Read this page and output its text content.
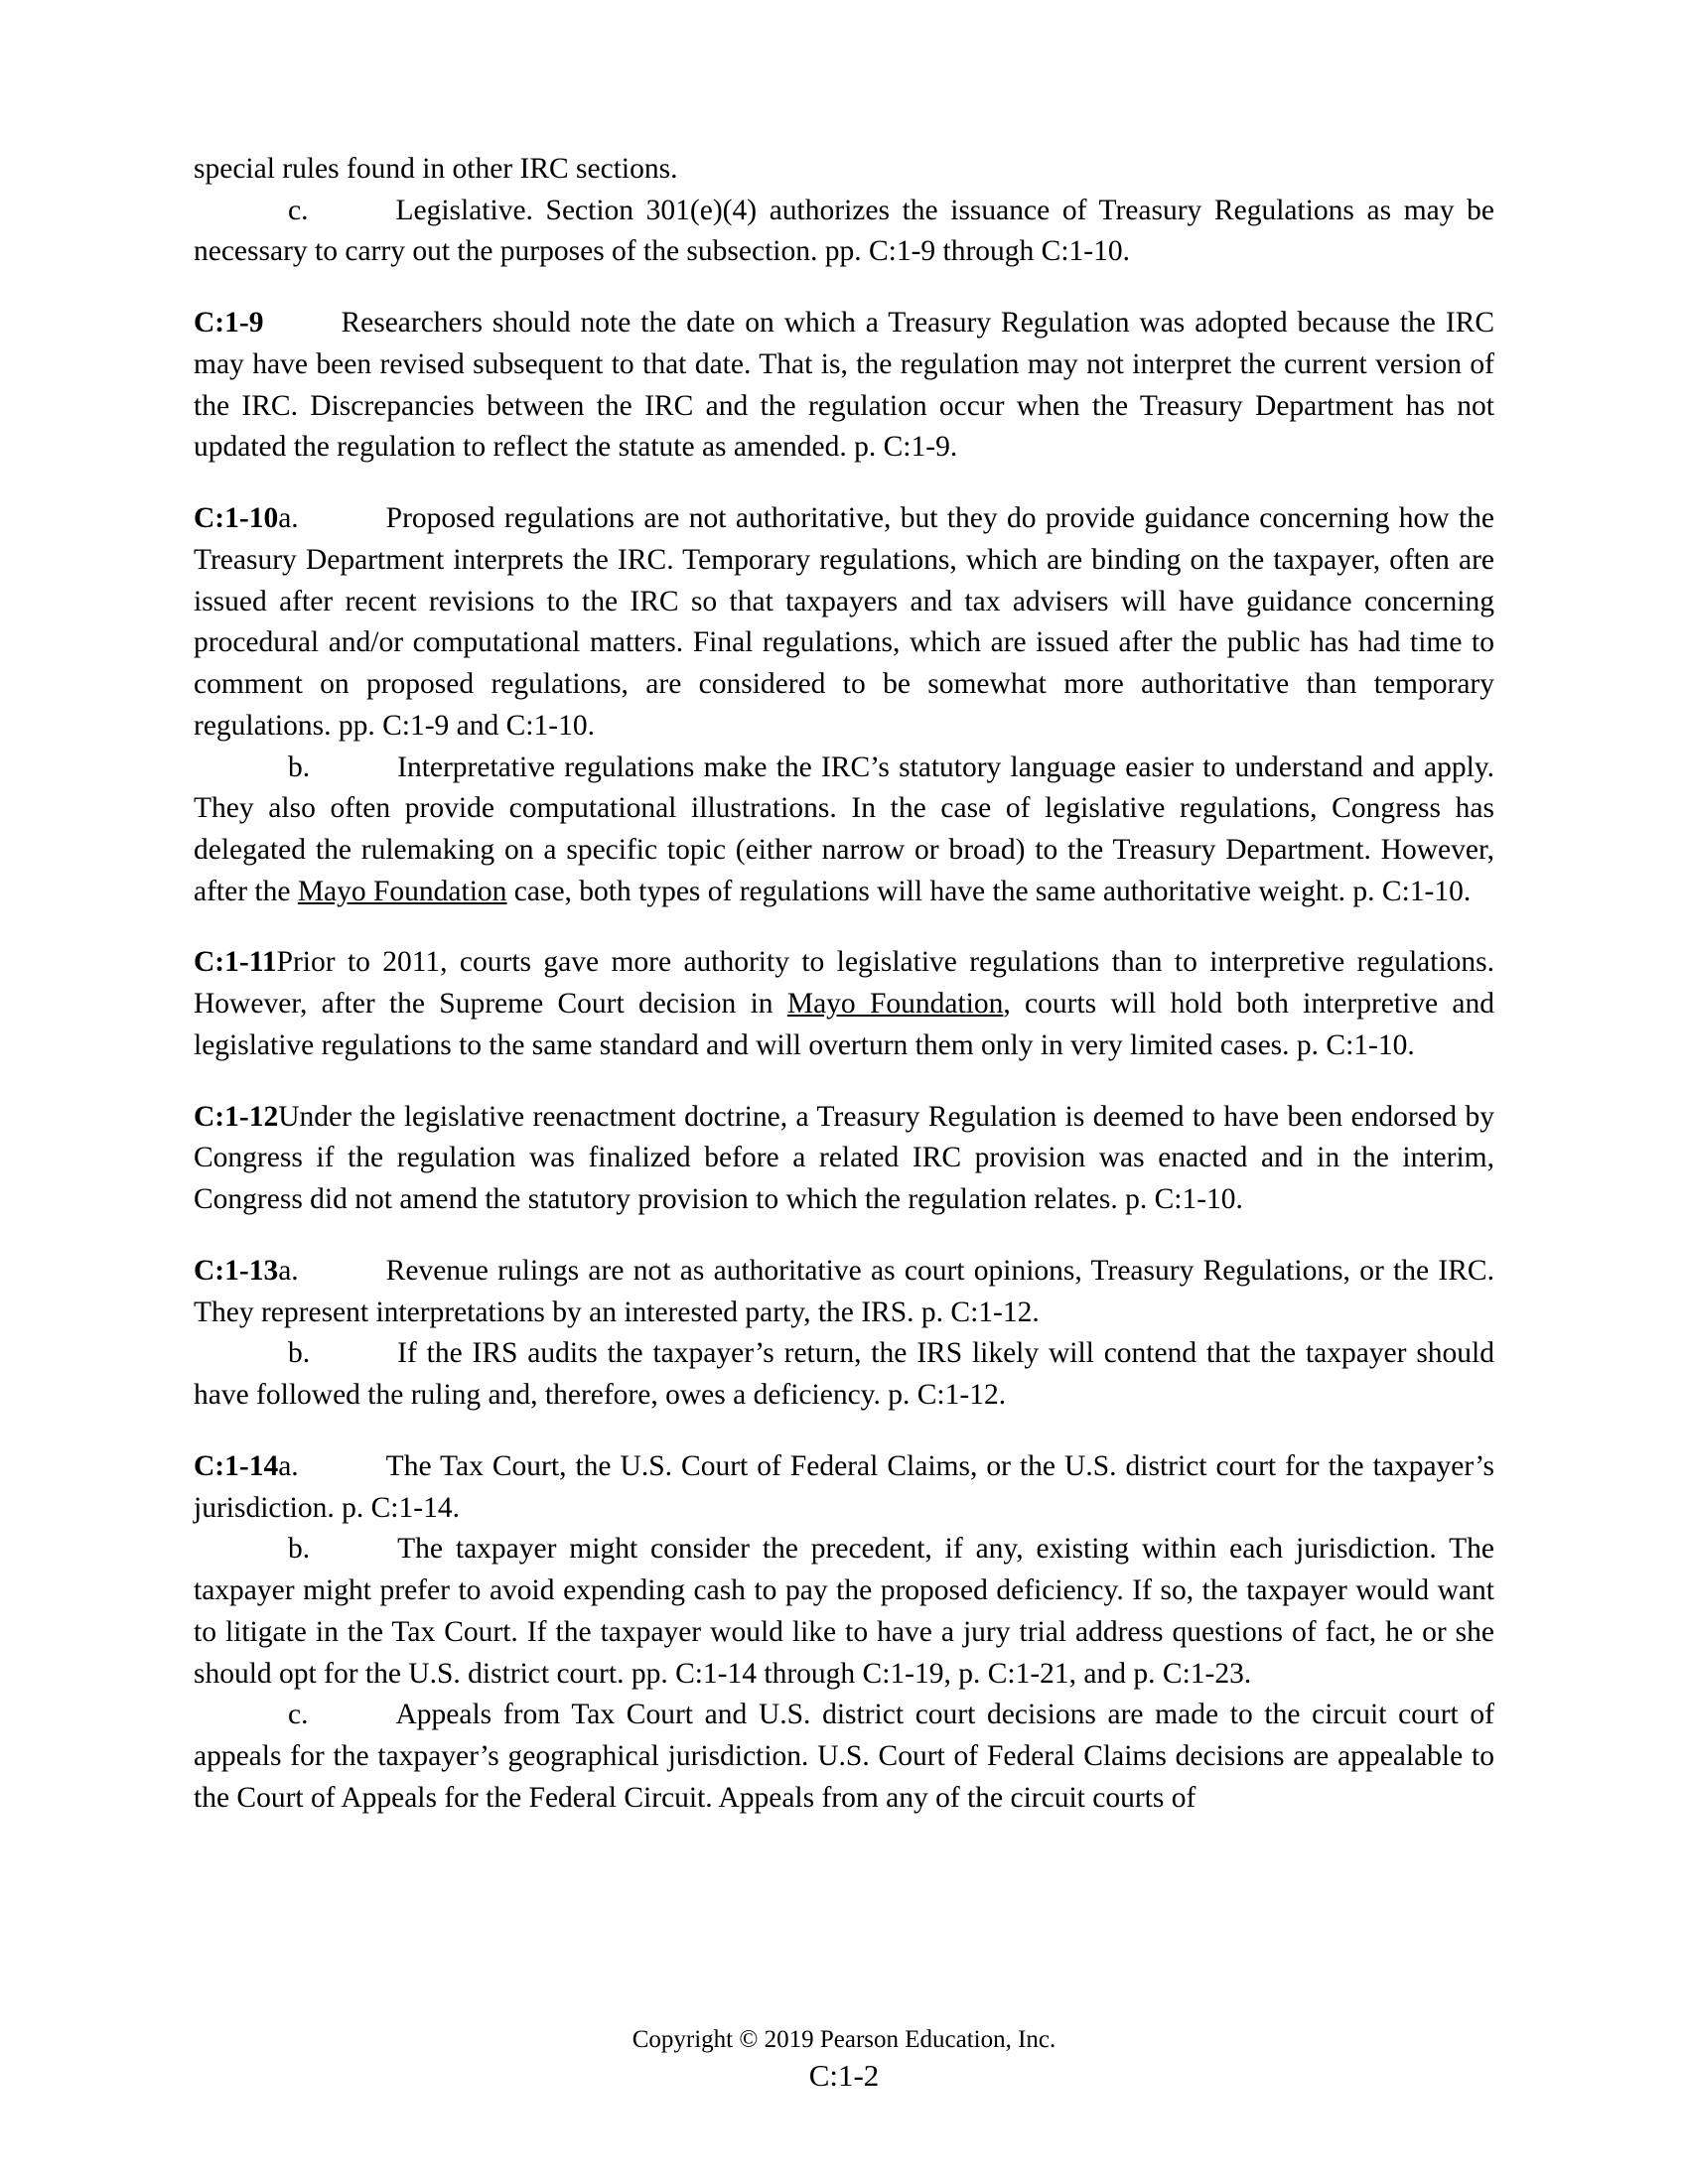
special rules found in other IRC sections.

c.	Legislative. Section 301(e)(4) authorizes the issuance of Treasury Regulations as may be necessary to carry out the purposes of the subsection. pp. C:1-9 through C:1-10.

C:1-9	Researchers should note the date on which a Treasury Regulation was adopted because the IRC may have been revised subsequent to that date. That is, the regulation may not interpret the current version of the IRC. Discrepancies between the IRC and the regulation occur when the Treasury Department has not updated the regulation to reflect the statute as amended. p. C:1-9.

C:1-10a.	Proposed regulations are not authoritative, but they do provide guidance concerning how the Treasury Department interprets the IRC. Temporary regulations, which are binding on the taxpayer, often are issued after recent revisions to the IRC so that taxpayers and tax advisers will have guidance concerning procedural and/or computational matters. Final regulations, which are issued after the public has had time to comment on proposed regulations, are considered to be somewhat more authoritative than temporary regulations. pp. C:1-9 and C:1-10.

b.	Interpretative regulations make the IRC’s statutory language easier to understand and apply. They also often provide computational illustrations. In the case of legislative regulations, Congress has delegated the rulemaking on a specific topic (either narrow or broad) to the Treasury Department. However, after the Mayo Foundation case, both types of regulations will have the same authoritative weight. p. C:1-10.

C:1-11Prior to 2011, courts gave more authority to legislative regulations than to interpretive regulations. However, after the Supreme Court decision in Mayo Foundation, courts will hold both interpretive and legislative regulations to the same standard and will overturn them only in very limited cases. p. C:1-10.

C:1-12Under the legislative reenactment doctrine, a Treasury Regulation is deemed to have been endorsed by Congress if the regulation was finalized before a related IRC provision was enacted and in the interim, Congress did not amend the statutory provision to which the regulation relates. p. C:1-10.

C:1-13a.	Revenue rulings are not as authoritative as court opinions, Treasury Regulations, or the IRC. They represent interpretations by an interested party, the IRS. p. C:1-12.

b.	If the IRS audits the taxpayer’s return, the IRS likely will contend that the taxpayer should have followed the ruling and, therefore, owes a deficiency. p. C:1-12.

C:1-14a.	The Tax Court, the U.S. Court of Federal Claims, or the U.S. district court for the taxpayer’s jurisdiction. p. C:1-14.

b.	The taxpayer might consider the precedent, if any, existing within each jurisdiction. The taxpayer might prefer to avoid expending cash to pay the proposed deficiency. If so, the taxpayer would want to litigate in the Tax Court. If the taxpayer would like to have a jury trial address questions of fact, he or she should opt for the U.S. district court. pp. C:1-14 through C:1-19, p. C:1-21, and p. C:1-23.

c.	Appeals from Tax Court and U.S. district court decisions are made to the circuit court of appeals for the taxpayer’s geographical jurisdiction. U.S. Court of Federal Claims decisions are appealable to the Court of Appeals for the Federal Circuit. Appeals from any of the circuit courts of

Copyright © 2019 Pearson Education, Inc.

C:1-2
